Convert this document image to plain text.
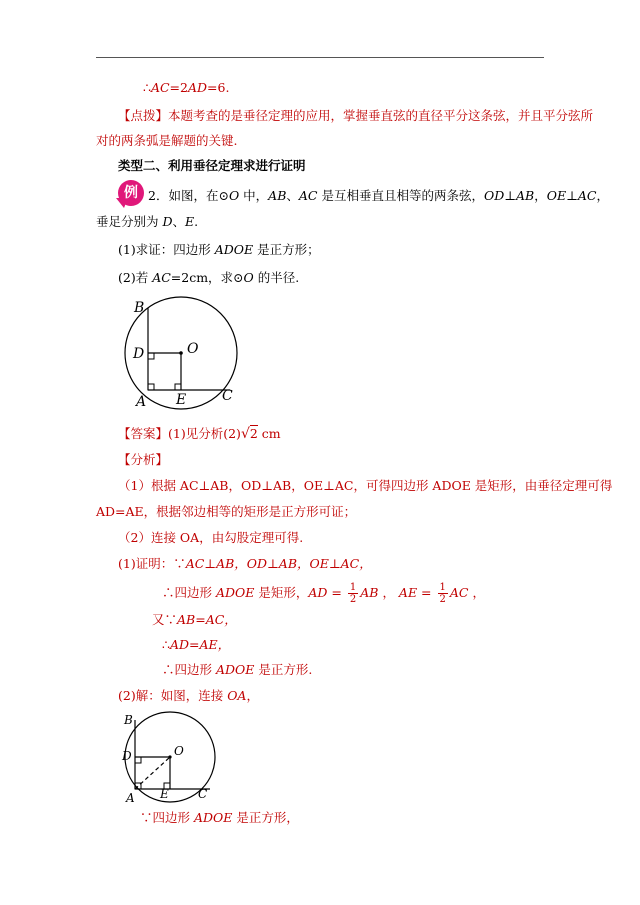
∴AC=2AD=6.
【点拨】本题考查的是垂径定理的应用，掌握垂直弦的直径平分这条弦，并且平分弦所
对的两条弧是解题的关键.
类型二、利用垂径定理求进行证明
例 2．如图，在⊙O 中，AB、AC 是互相垂直且相等的两条弦，OD⊥AB，OE⊥AC，
垂足分别为 D、E.
(1)求证：四边形 ADOE 是正方形；
(2)若 AC=2cm，求⊙O 的半径.
B
D	O
A E	C
【答案】(1)见分析(2)√2 cm
【分析】
（1）根据 AC⊥AB，OD⊥AB，OE⊥AC，可得四边形 ADOE 是矩形，由垂径定理可得
AD=AE，根据邻边相等的矩形是正方形可证；
（2）连接 OA，由勾股定理可得.
(1)证明：∵AC⊥AB，OD⊥AB，OE⊥AC，
∴四边形 ADOE 是矩形，AD = $\frac{1}{2}$ AB ， AE = $\frac{1}{2}$ AC ，
又∵AB=AC，
∴AD=AE，
∴四边形 ADOE 是正方形.
(2)解：如图，连接 OA，
B
D	O
A E C
∵四边形 ADOE 是正方形，
